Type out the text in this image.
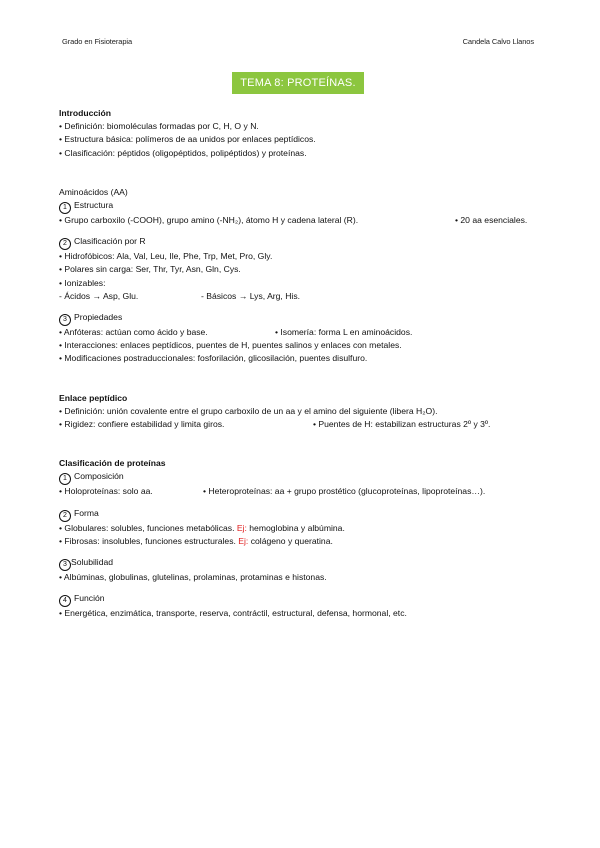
Grado en Fisioterapia	Candela Calvo Llanos
TEMA 8: PROTEÍNAS.
Introducción
• Definición: biomoléculas formadas por C, H, O y N.
• Estructura básica: polímeros de aa unidos por enlaces peptídicos.
• Clasificación: péptidos (oligopéptidos, polipéptidos) y proteínas.
Aminoácidos (AA)
1 Estructura
• Grupo carboxilo (-COOH), grupo amino (-NH₂), átomo H y cadena lateral (R).	• 20 aa esenciales.
2 Clasificación por R
• Hidrofóbicos: Ala, Val, Leu, Ile, Phe, Trp, Met, Pro, Gly.
• Polares sin carga: Ser, Thr, Tyr, Asn, Gln, Cys.
• Ionizables:
- Ácidos → Asp, Glu.	- Básicos → Lys, Arg, His.
3 Propiedades
• Anfóteras: actúan como ácido y base.	• Isomería: forma L en aminoácidos.
• Interacciones: enlaces peptídicos, puentes de H, puentes salinos y enlaces con metales.
• Modificaciones postraduccionales: fosforilación, glicosilación, puentes disulfuro.
Enlace peptídico
• Definición: unión covalente entre el grupo carboxilo de un aa y el amino del siguiente (libera H₂O).
• Rigidez: confiere estabilidad y limita giros.	• Puentes de H: estabilizan estructuras 2º y 3º.
Clasificación de proteínas
1 Composición
• Holoproteínas: solo aa.	• Heteroproteínas: aa + grupo prostético (glucoproteínas, lipoproteínas…).
2 Forma
• Globulares: solubles, funciones metabólicas. Ej: hemoglobina y albúmina.
• Fibrosas: insolubles, funciones estructurales. Ej: colágeno y queratina.
3 Solubilidad
• Albúminas, globulinas, glutelinas, prolaminas, protaminas e histonas.
4 Función
• Energética, enzimática, transporte, reserva, contráctil, estructural, defensa, hormonal, etc.
